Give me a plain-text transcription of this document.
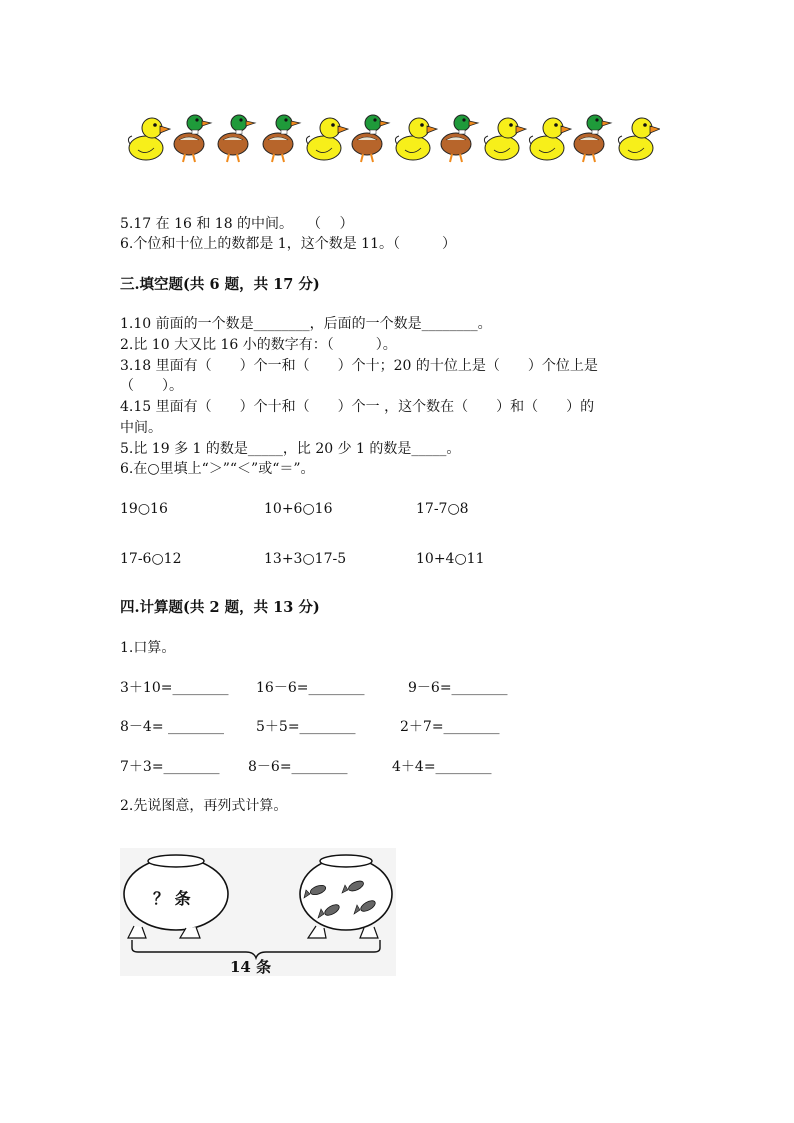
5.17 在 16 和 18 的中间。　　（　 ）
6.个位和十位上的数都是 1，这个数是 11。（　　　）
三.填空题(共 6 题，共 17 分)
1.10 前面的一个数是________，后面的一个数是________。
2.比 10 大又比 16 小的数字有：（　　　）。
3.18 里面有（　　）个一和（　　）个十；20 的十位上是（　　）个位上是
（　　）。
4.15 里面有（　　）个十和（　　）个一 ，这个数在（　　）和（　　）的
中间。
5.比 19 多 1 的数是_____，比 20 少 1 的数是_____。
6.在○里填上“＞”“＜”或“＝”。
19○16	10+6○16	17-7○8
17-6○12	13+3○17-5	10+4○11
四.计算题(共 2 题，共 13 分)
1.口算。
3＋10=________ 16－6=________	9－6=________
8－4= ________ 5＋5=________	2＋7=________
7＋3=________ 8－6=________	4＋4=________
2.先说图意，再列式计算。
？ 条
14 条
